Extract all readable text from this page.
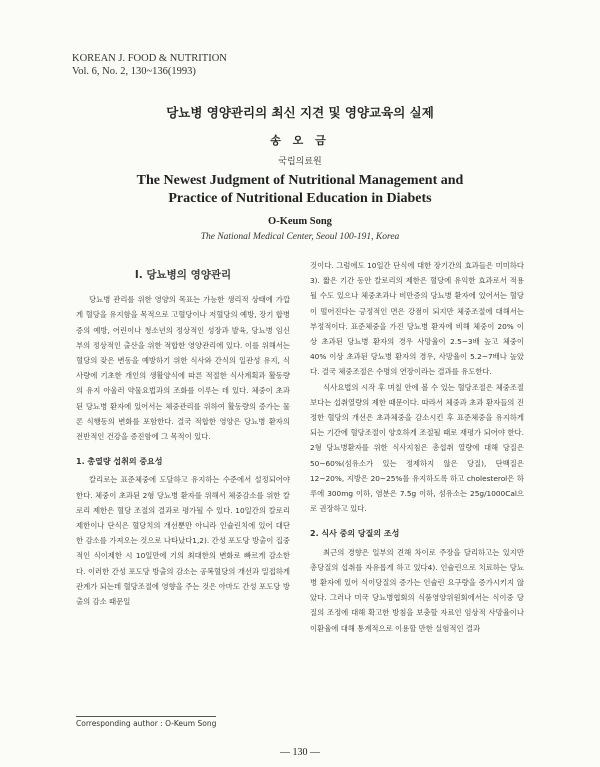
KOREAN J. FOOD & NUTRITION
Vol. 6, No. 2, 130~136(1993)
당뇨병 영양관리의 최신 지견 및 영양교육의 실제
송 오 금
국립의료원
The Newest Judgment of Nutritional Management and
Practice of Nutritional Education in Diabets
O-Keum Song
The National Medical Center, Seoul 100-191, Korea
Ⅰ. 당뇨병의 영양관리

당뇨병 관리를 위한 영양의 목표는 가능한 생리적 상태에 가깝게 혈당을 유지함을 목적으로 고혈당이나 저혈당의 예방, 장기 합병증의 예방, 어린이나 청소년의 정상적인 성장과 발육, 당뇨병 임신부의 정상적인 출산을 위한 적합한 영양관리에 있다. 이를 위해서는 혈당의 잦은 변동을 예방하기 위한 식사와 간식의 일관성 유지, 식사량에 기초한 개인의 생활양식에 따른 적절한 식사계획과 활동량의 유지 아울러 약물요법과의 조화를 이루는 데 있다. 체중이 초과된 당뇨병 환자에 있어서는 체중관리를 위하여 활동량의 증가는 물론 식행동의 변화를 포함한다. 결국 적합한 영양은 당뇨병 환자의 전반적인 건강을 증진함에 그 목적이 있다.

1. 총열량 섭취의 중요성

칼리로는 표준체중에 도달하고 유지하는 수준에서 설정되어야 한다. 체중이 초과된 2형 당뇨병 환자를 위해서 체중감소를 위한 칼로리 제한은 혈당 조절의 결과로 평가될 수 있다. 10일간의 칼로리 제한이나 단식은 혈당치의 개선뿐만 아니라 인슐린치에 있어 대단한 감소를 가져오는 것으로 나타났다1,2). 간성 포도당 방출이 집중적인 식이제한 시 10일만에 기의 최대한의 변화로 빠르게 감소한다. 이러한 간성 포도당 방출의 감소는 공복혈당의 개선과 밀접하게 관계가 되는데 혈당조절에 영향을 주는 것은 아마도 간성 포도당 방출의 감소 때문일

것이다. 그럼에도 10일간 단식에 대한 장기간의 효과들은 미미하다3). 짧은 기간 동안 칼로리의 제한은 혈당에 유익한 효과로서 적용될 수도 있으나 체중초과나 비만증의 당뇨병 환자에 있어서는 혈당이 떨어진다는 긍정적인 면은 강점이 되지만 체중조절에 대해서는 부정적이다. 표준체중을 가진 당뇨병 환자에 비해 체중이 20% 이상 초과된 당뇨병 환자의 경우 사망율이 2.5~3배 높고 체중이 40% 이상 초과된 당뇨병 환자의 경우, 사망율이 5.2~7배나 높았다. 결국 체중조절은 수명의 연장이라는 결과를 유도한다.

식사요법의 시작 후 며칠 안에 볼 수 있는 혈당조절은 체중조절보다는 섭취열량의 제한 때문이다. 따라서 체중과 초과 환자들의 진정한 혈당의 개선은 초과체중을 감소시킨 후 표준체중을 유지하게 되는 기간에 혈당조절이 양호하게 조절될 때로 재평가 되어야 한다. 2형 당뇨병환자를 위한 식사지침은 총섭취 열량에 대해 당질은 50~60%(섬유소가 있는 정제하지 않은 당질), 단백질은 12~20%, 지방은 20~25%를 유지하도록 하고 cholesterol은 하루에 300mg 이하, 염분은 7.5g 이하, 섬유소는 25g/1000Cal으로 권장하고 있다.

2. 식사 중의 당질의 조성

최근의 경향은 일부의 견해 차이로 주장을 달리하고는 있지만 총당질의 섭취를 자유롭게 하고 있다4). 인슐린으로 치료하는 당뇨병 환자에 있어 식이당질의 증가는 인슐린 요구량을 증가시키지 않았다. 그러나 미국 당뇨병협회의 식품영양위원회에서는 식이중 당질의 조정에 대해 확고한 방침을 보충할 자료인 임상적 사망율이나 이환율에 대해 통계적으로 이용할 만한 실험적인 결과

Corresponding author : O-Keum Song
― 130 ―
